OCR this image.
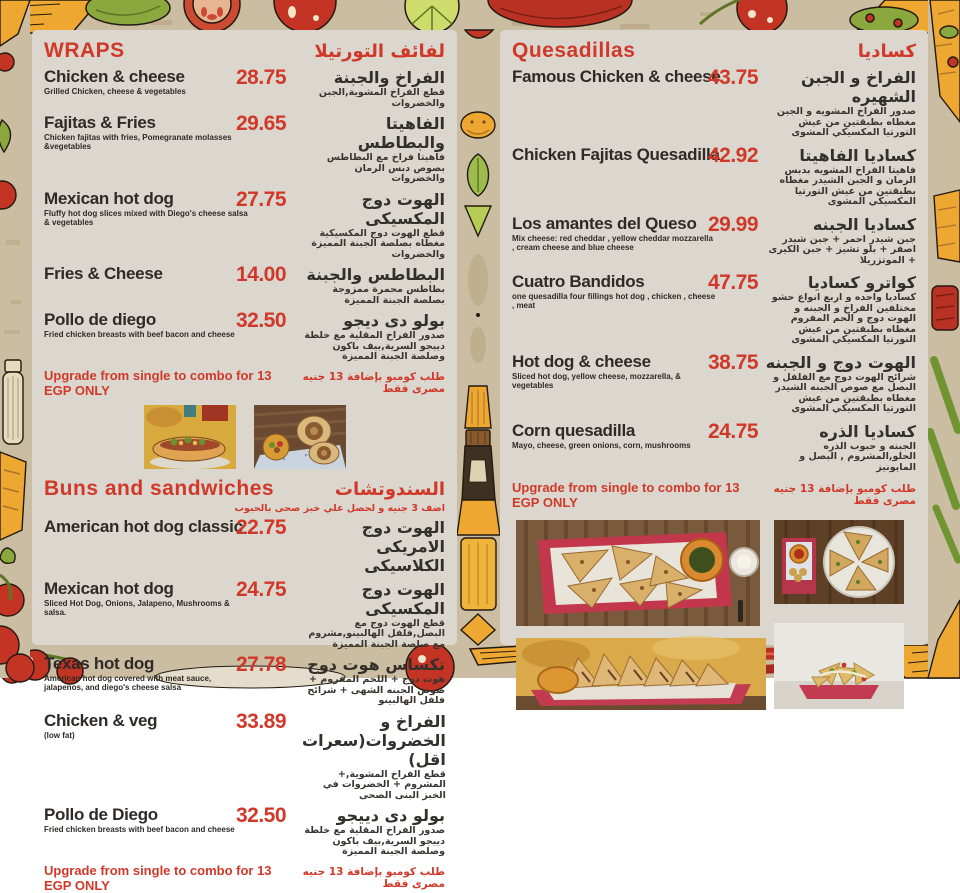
WRAPS	لفائف التورتيلا
Chicken & cheese
Grilled Chicken, cheese & vegetables
28.75	الفراخ والجبنة
قطع الفراخ المشوية,الجبن والخضروات
Fajitas & Fries
Chicken fajitas with fries, Pomegranate molasses &vegetables
29.65	الفاهيتا والبطاطس
فاهيتا فراخ مع البطاطس بصوص دبس الرمان والخضروات
Mexican hot dog
Fluffy hot dog slices mixed with Diego's cheese salsa & vegetables
27.75	الهوت دوج المكسيكى
قطع الهوت دوج المكسيكية مغطاه بصلصة الجبنة المميزة والخضروات
Fries & Cheese	14.00	البطاطس والجبنة
بطاطس محمرة ممزوجة بصلصة الجبنة المميزة
Pollo de diego
Fried chicken breasts with beef bacon and cheese
32.50	بولو دى ديجو
صدور الفراخ المقلية مع خلطة دييجو السرية,بيف باكون وصلصة الجبنة المميزة
Upgrade from single to combo for 13 EGP ONLY
طلب كومبو بإضافة 13 جنيه مصرى فقط
Buns and sandwiches	السندوتشات
اضف 3 جنيه و لحصل علي خبز صحى بالحبوب
American hot dog classic
22.75	الهوت دوج الامريكى الكلاسيكى
Mexican hot dog
Sliced Hot Dog, Onions, Jalapeno, Mushrooms & salsa.
24.75	الهوت دوج المكسيكى
قطع الهوت دوج مع البصل,فلفل الهالبينو,مشروم مع صلصة الجبنة المميزة
Texas hot dog
American hot dog covered with meat sauce, jalapenos, and diego's cheese salsa
27.78	تكساس هوت دوج
هوت دوج + اللحم المفروم + صوص الجبنه الشهى + شرائح فلفل الهالبينو
Chicken & veg
(low fat)
33.89	الفراخ و الخضروات(سعرات اقل)
قطع الفراخ المشوية,+ المشروم + الخضروات في الخبز البنى الصحى
Pollo de Diego
Fried chicken breasts with beef bacon and cheese
32.50	بولو دى دييجو
صدور الفراخ المقلية مع خلطة دييجو السرية,بيف باكون وصلصة الجبنة المميزة
Upgrade from single to combo for 13 EGP ONLY
طلب كومبو بإضافة 13 جنيه مصرى فقط
Quesadillas	كساديا
Famous Chicken & cheese
43.75	الفراخ و الجبن الشهيره
صدور الفراخ المشويه و الجبن مغطاه بطبقتين من عيش التورتيا المكسيكي المشوى
Chicken Fajitas Quesadilla
42.92	كساديا الفاهيتا
فاهيتا الفراخ المشويه بدبس الرمان و الجبن الشيدر مغطاه بطبقتين من عيش التورتيا المكسيكي المشوى
Los amantes del Queso
Mix cheese: red cheddar , yellow cheddar mozzarella , cream cheese and blue cheese
29.99	كساديا الجبنه
جبن شيدر احمر + جبن شيدر اصفر + بلو تشيز + جبن الكيرى + الموتزريلا
Cuatro Bandidos
one quesadilla four fillings hot dog , chicken , cheese , meat
47.75	كواترو كساديا
كساديا واحده و اربع انواع حشو مختلفين الفراخ و الجبنه و الهوت دوج و الحم المفروم مغطاه بطبقتين من عيش التورتيا المكسيكي المشوى
Hot dog & cheese
Sliced hot dog, yellow cheese, mozzarella, & vegetables
38.75 الهوت دوج و الجبنه
شرائح الهوت دوج مع الفلفل و البصل مع صوص الجبنه الشيدر مغطاه بطبقتين من عيش التورتيا المكسيكي المشوى
Corn quesadilla
Mayo, cheese, green onions, corn, mushrooms
24.75	كساديا الذره
الجبنه و حبوب الذره الحلو,المشروم , البصل و المايونيز
Upgrade from single to combo for 13 EGP ONLY
طلب كومبو بإضافة 13 جنيه مصرى فقط
